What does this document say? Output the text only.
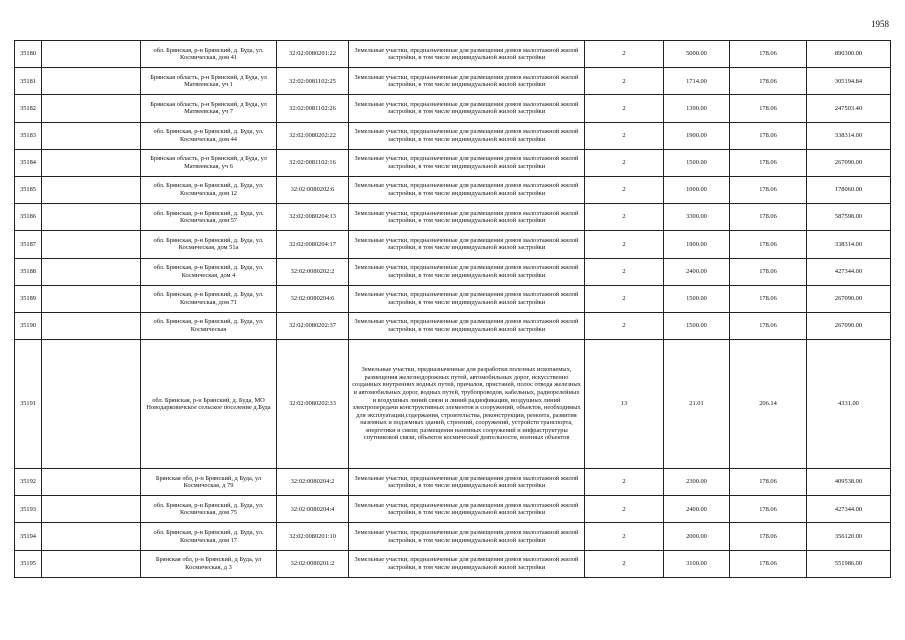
1958
35180		обл. Брянская, р-н Брянский, д. Буда, ул. Космическая, дом 41	32:02:0080201:22	Земельные участки, предназначенные для размещения домов малоэтажной жилой застройки, в том числе индивидуальной жилой застройки	2	5000.00	178.06	890300.00
35181		Брянская область, р-н Брянский, д Буда, ул Матвеевская, уч 1	32:02:0081102:25	Земельные участки, предназначенные для размещения домов малоэтажной жилой застройки, в том числе индивидуальной жилой застройки	2	1714.00	178.06	305194.84
35182		Брянская область, р-н Брянский, д Буда, ул Матвеевская, уч 7	32:02:0081102:26	Земельные участки, предназначенные для размещения домов малоэтажной жилой застройки, в том числе индивидуальной жилой застройки	2	1390.00	178.06	247503.40
35183		обл. Брянская, р-н Брянский, д. Буда, ул. Космическая, дом 44	32:02:0080202:22	Земельные участки, предназначенные для размещения домов малоэтажной жилой застройки, в том числе индивидуальной жилой застройки	2	1900.00	178.06	338314.00
35184		Брянская область, р-н Брянский, д Буда, ул Матвеевская, уч 6	32:02:0081102:16	Земельные участки, предназначенные для размещения домов малоэтажной жилой застройки, в том числе индивидуальной жилой застройки	2	1500.00	178.06	267090.00
35185		обл. Брянская, р-н Брянский, д. Буда, ул. Космическая, дом 12	32:02:0080202:6	Земельные участки, предназначенные для размещения домов малоэтажной жилой застройки, в том числе индивидуальной жилой застройки	2	1000.00	178.06	178060.00
35186		обл. Брянская, р-н Брянский, д. Буда, ул. Космическая, дом 57	32:02:0080204:13	Земельные участки, предназначенные для размещения домов малоэтажной жилой застройки, в том числе индивидуальной жилой застройки	2	3300.00	178.06	587598.00
35187		обл. Брянская, р-н Брянский, д. Буда, ул. Космическая, дом 51а	32:02:0080204:17	Земельные участки, предназначенные для размещения домов малоэтажной жилой застройки, в том числе индивидуальной жилой застройки	2	1900.00	178.06	338314.00
35188		обл. Брянская, р-н Брянский, д. Буда, ул. Космическая, дом 4	32:02:0080202:2	Земельные участки, предназначенные для размещения домов малоэтажной жилой застройки, в том числе индивидуальной жилой застройки	2	2400.00	178.06	427344.00
35189		обл. Брянская, р-н Брянский, д. Буда, ул. Космическая, дом 71	32:02:0080204:6	Земельные участки, предназначенные для размещения домов малоэтажной жилой застройки, в том числе индивидуальной жилой застройки	2	1500.00	178.06	267090.00
35190		обл. Брянская, р-н Брянский, д. Буда, ул. Космическая	32:02:0080202:37	Земельные участки, предназначенные для размещения домов малоэтажной жилой застройки, в том числе индивидуальной жилой застройки	2	1500.00	178.06	267090.00
35191		обл. Брянская, р-н Брянский, д. Буда, МО Новодарковичское сельское поселение д.Буда	32:02:0080202:33	Земельные участки, предназначенные для разработки полезных ископаемых, размещения железнодорожных путей, автомобильных дорог, искусственно созданных внутренних водных путей, причалов, пристаней, полос отвода железных и автомобильных дорог, водных путей, трубопроводов, кабельных, радиорелейных и воздушных линий связи и линий радиофикации, воздушных линий электропередачи конструктивных элементов и сооружений, объектов, необходимых для эксплуатации,содержания, строительства, реконструкции, ремонта, развития наземных и подземных зданий, строений, сооружений, устройств транспорта, энергетики и связи; размещения наземных сооружений и инфраструктуры спутниковой связи, объектов космической деятельности, военных объектов	13	21.01	206.14	4331.00
35192		Брянская обл, р-н Брянский, д Буда, ул Космическая, д 79	32:02:0080204:2	Земельные участки, предназначенные для размещения домов малоэтажной жилой застройки, в том числе индивидуальной жилой застройки	2	2300.00	178.06	409538.00
35193		обл. Брянская, р-н Брянский, д. Буда, ул. Космическая, дом 75	32:02:0080204:4	Земельные участки, предназначенные для размещения домов малоэтажной жилой застройки, в том числе индивидуальной жилой застройки	2	2400.00	178.06	427344.00
35194		обл. Брянская, р-н Брянский, д. Буда, ул. Космическая, дом 17	32:02:0080201:10	Земельные участки, предназначенные для размещения домов малоэтажной жилой застройки, в том числе индивидуальной жилой застройки	2	2000.00	178.06	356120.00
35195		Брянская обл, р-н Брянский, д Буда, ул Космическая, д 3	32:02:0080201:2	Земельные участки, предназначенные для размещения домов малоэтажной жилой застройки, в том числе индивидуальной жилой застройки	2	3100.00	178.06	551986.00
